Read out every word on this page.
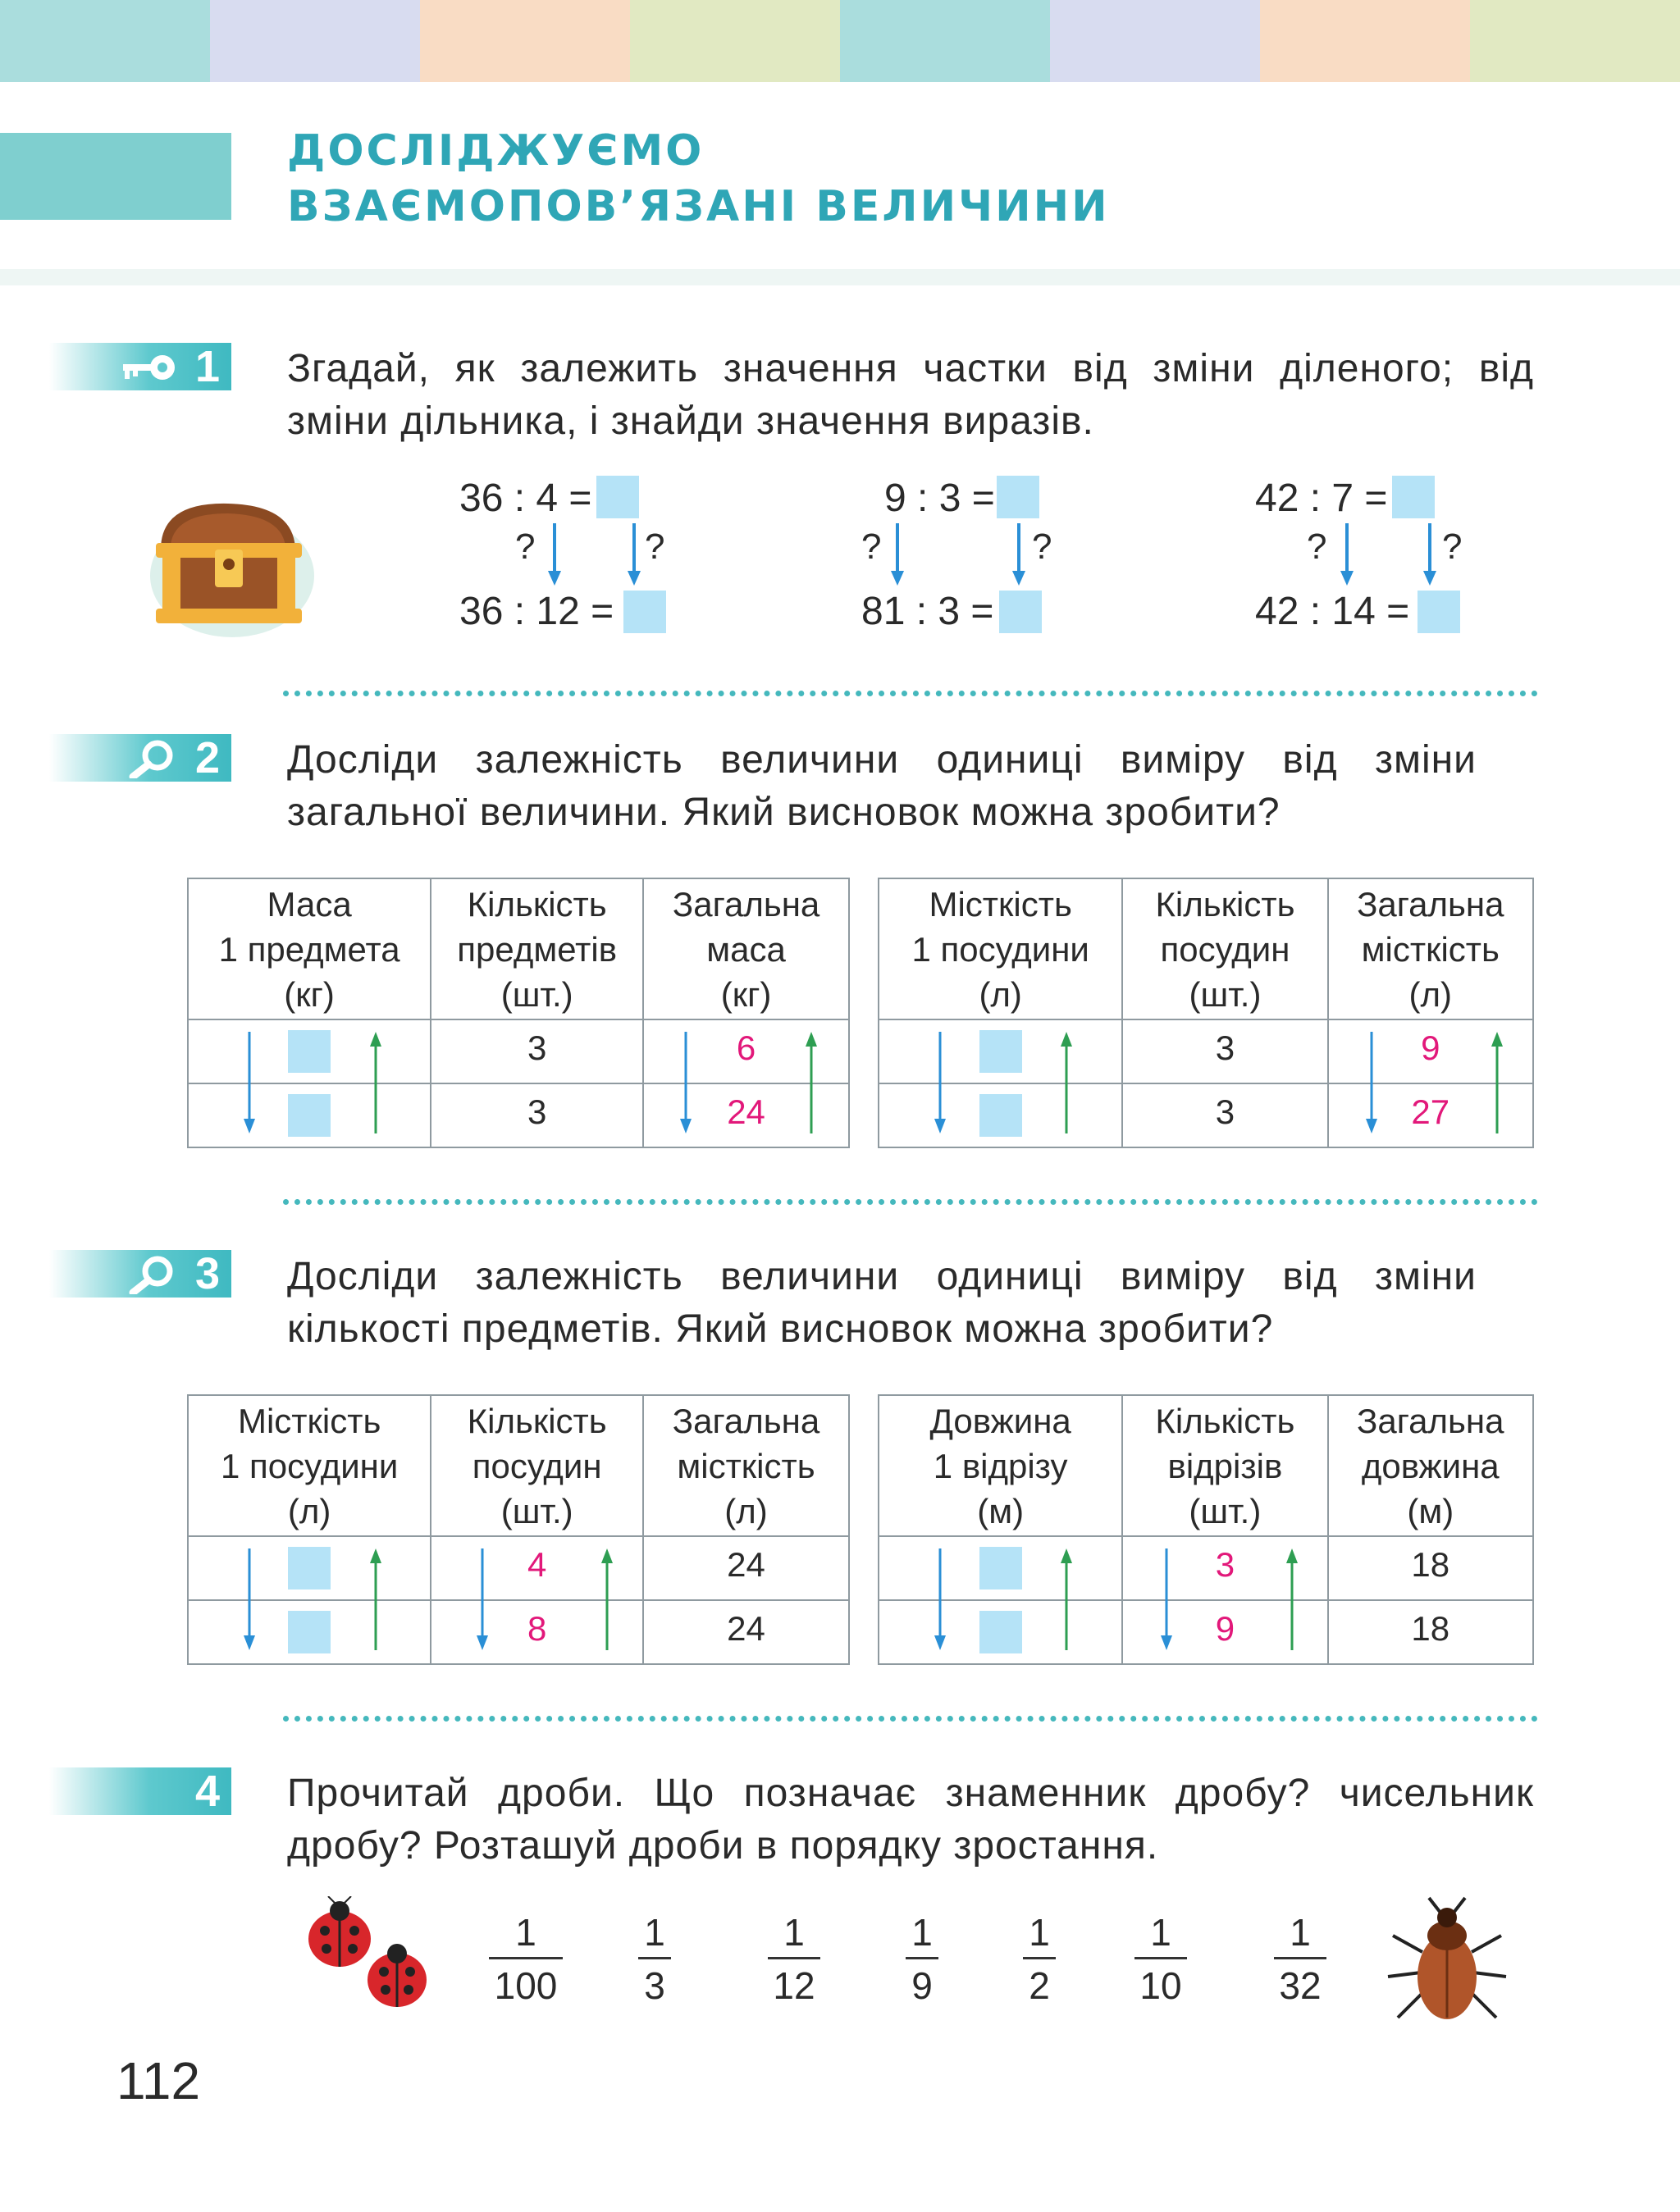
ДОСЛІДЖУЄМО
ВЗАЄМОПОВ’ЯЗАНІ ВЕЛИЧИНИ
1 Згадай, як залежить значення частки від зміни діленого; від зміни дільника, і знайди значення виразів.
36 : 4 =
?	?
36 : 12 =
9 : 3 =
?	?
81 : 3 =
42 : 7 =
?	?
42 : 14 =
2 Досліди залежність величини одиниці виміру від зміни загальної величини. Який висновок можна зробити?
Маса
1 предмета
(кг)	Кількість
предметів
(шт.)	Загальна
маса
(кг)

	3	6

	3	24
Місткість
1 посудини
(л)	Кількість
посудин
(шт.)	Загальна
місткість
(л)

	3	9

	3	27
3 Досліди залежність величини одиниці виміру від зміни кількості предметів. Який висновок можна зробити?
Місткість
1 посудини
(л)	Кількість
посудин
(шт.)	Загальна
місткість
(л)

	4	24

	8	24
Довжина
1 відрізу
(м)	Кількість
відрізів
(шт.)	Загальна
довжина
(м)

	3	18

	9	18
4 Прочитай дроби. Що позначає знаменник дробу? чисельник дробу? Розташуй дроби в порядку зростання.
1
100
1
3
1
12
1
9
1
2
1
10
1
32
112
